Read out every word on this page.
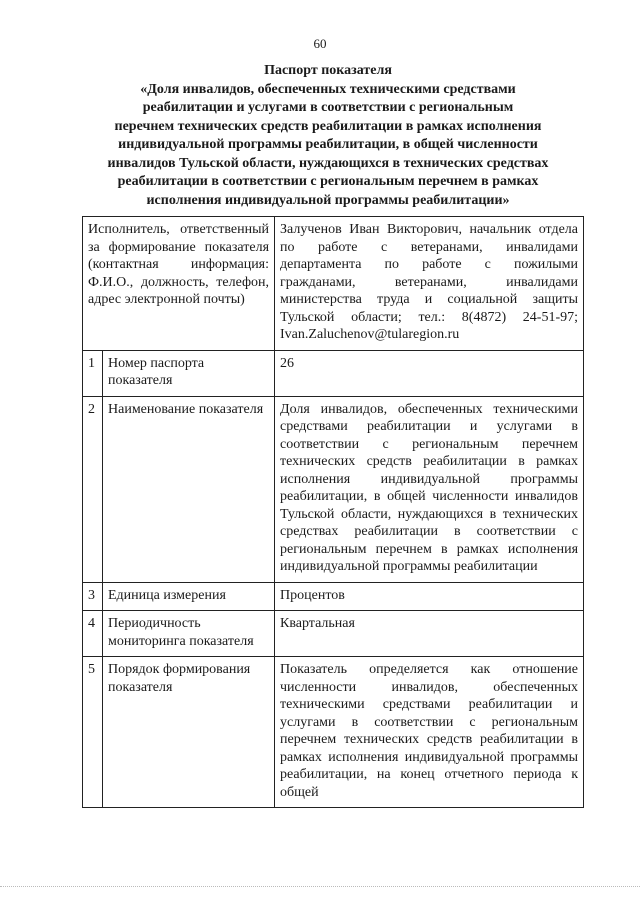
60
Паспорт показателя
«Доля инвалидов, обеспеченных техническими средствами
реабилитации и услугами в соответствии с региональным
перечнем технических средств реабилитации в рамках исполнения
индивидуальной программы реабилитации, в общей численности
инвалидов Тульской области, нуждающихся в технических средствах
реабилитации в соответствии с региональным перечнем в рамках
исполнения индивидуальной программы реабилитации»
Исполнитель, ответственный за формирование показателя (контактная информация: Ф.И.О., должность, телефон, адрес электронной почты)		Залученов Иван Викторович, начальник отдела по работе с ветеранами, инвалидами департамента по работе с пожилыми гражданами, ветеранами, инвалидами министерства труда и социальной защиты Тульской области; тел.: 8(4872) 24-51-97; Ivan.Zaluchenov@tularegion.ru
1	Номер паспорта показателя	26
2	Наименование показателя	Доля инвалидов, обеспеченных техническими средствами реабилитации и услугами в соответствии с региональным перечнем технических средств реабилитации в рамках исполнения индивидуальной программы реабилитации, в общей численности инвалидов Тульской области, нуждающихся в технических средствах реабилитации в соответствии с региональным перечнем в рамках исполнения индивидуальной программы реабилитации
3	Единица измерения	Процентов
4	Периодичность мониторинга показателя	Квартальная
5	Порядок формирования показателя	Показатель определяется как отношение численности инвалидов, обеспеченных техническими средствами реабилитации и услугами в соответствии с региональным перечнем технических средств реабилитации в рамках исполнения индивидуальной программы реабилитации, на конец отчетного периода к общей
